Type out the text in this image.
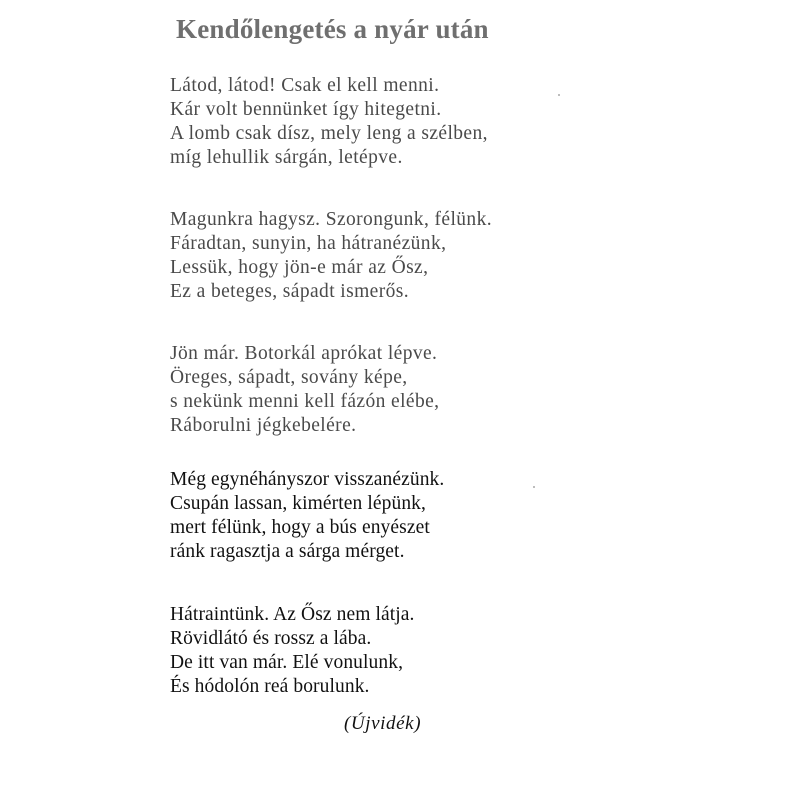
Kendőlengetés a nyár után
Látod, látod! Csak el kell menni.
Kár volt bennünket így hitegetni.
A lomb csak dísz, mely leng a szélben,
míg lehullik sárgán, letépve.
Magunkra hagysz. Szorongunk, félünk.
Fáradtan, sunyin, ha hátranézünk,
Lessük, hogy jön-e már az Ősz,
Ez a beteges, sápadt ismerős.
Jön már. Botorkál aprókat lépve.
Öreges, sápadt, sovány képe,
s nekünk menni kell fázón elébe,
Ráborulni jégkebelére.
Még egynéhányszor visszanézünk.
Csupán lassan, kimérten lépünk,
mert félünk, hogy a bús enyészet
ránk ragasztja a sárga mérget.
Hátraintünk. Az Ősz nem látja.
Rövidlátó és rossz a lába.
De itt van már. Elé vonulunk,
És hódolón reá borulunk.
(Újvidék)
